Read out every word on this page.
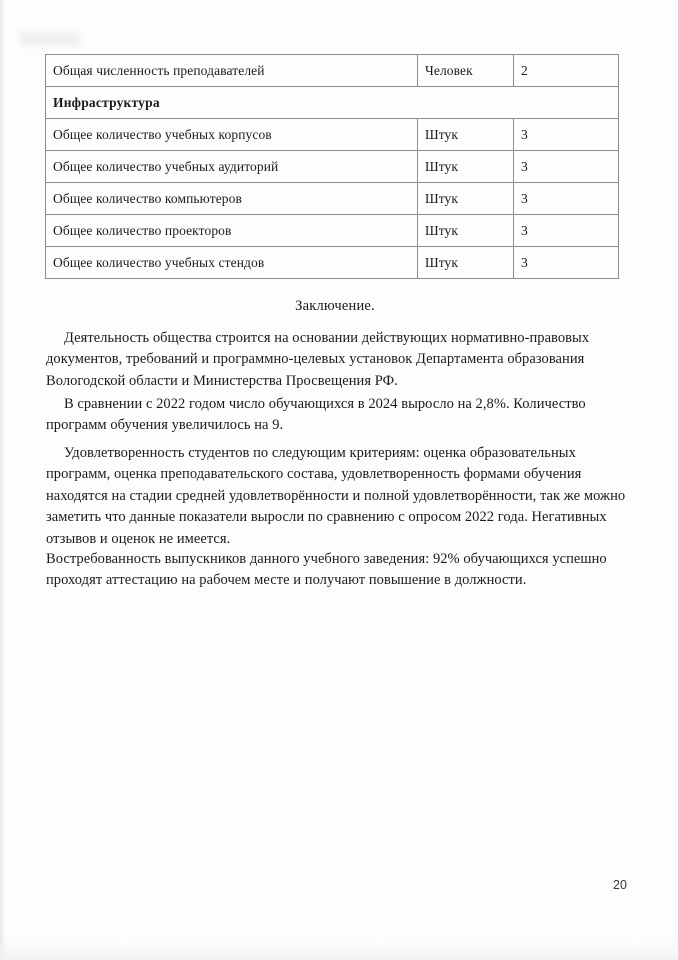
Общая численность преподавателей	Человек	2
Инфраструктура		
Общее количество учебных корпусов	Штук	3
Общее количество учебных аудиторий	Штук	3
Общее количество компьютеров	Штук	3
Общее количество проекторов	Штук	3
Общее количество учебных стендов	Штук	3
Заключение.
Деятельность общества строится на основании действующих нормативно-правовых документов, требований и программно-целевых установок Департамента образования Вологодской области и Министерства Просвещения РФ.
В сравнении с 2022 годом число обучающихся в 2024 выросло на 2,8%. Количество программ обучения увеличилось на 9.
Удовлетворенность студентов по следующим критериям: оценка образовательных программ, оценка преподавательского состава, удовлетворенность формами обучения находятся на стадии средней удовлетворённости и полной удовлетворённости, так же можно заметить что данные показатели выросли по сравнению с опросом 2022 года. Негативных отзывов и оценок не имеется.
Востребованность выпускников данного учебного заведения: 92% обучающихся успешно проходят аттестацию на рабочем месте и получают повышение в должности.
20
